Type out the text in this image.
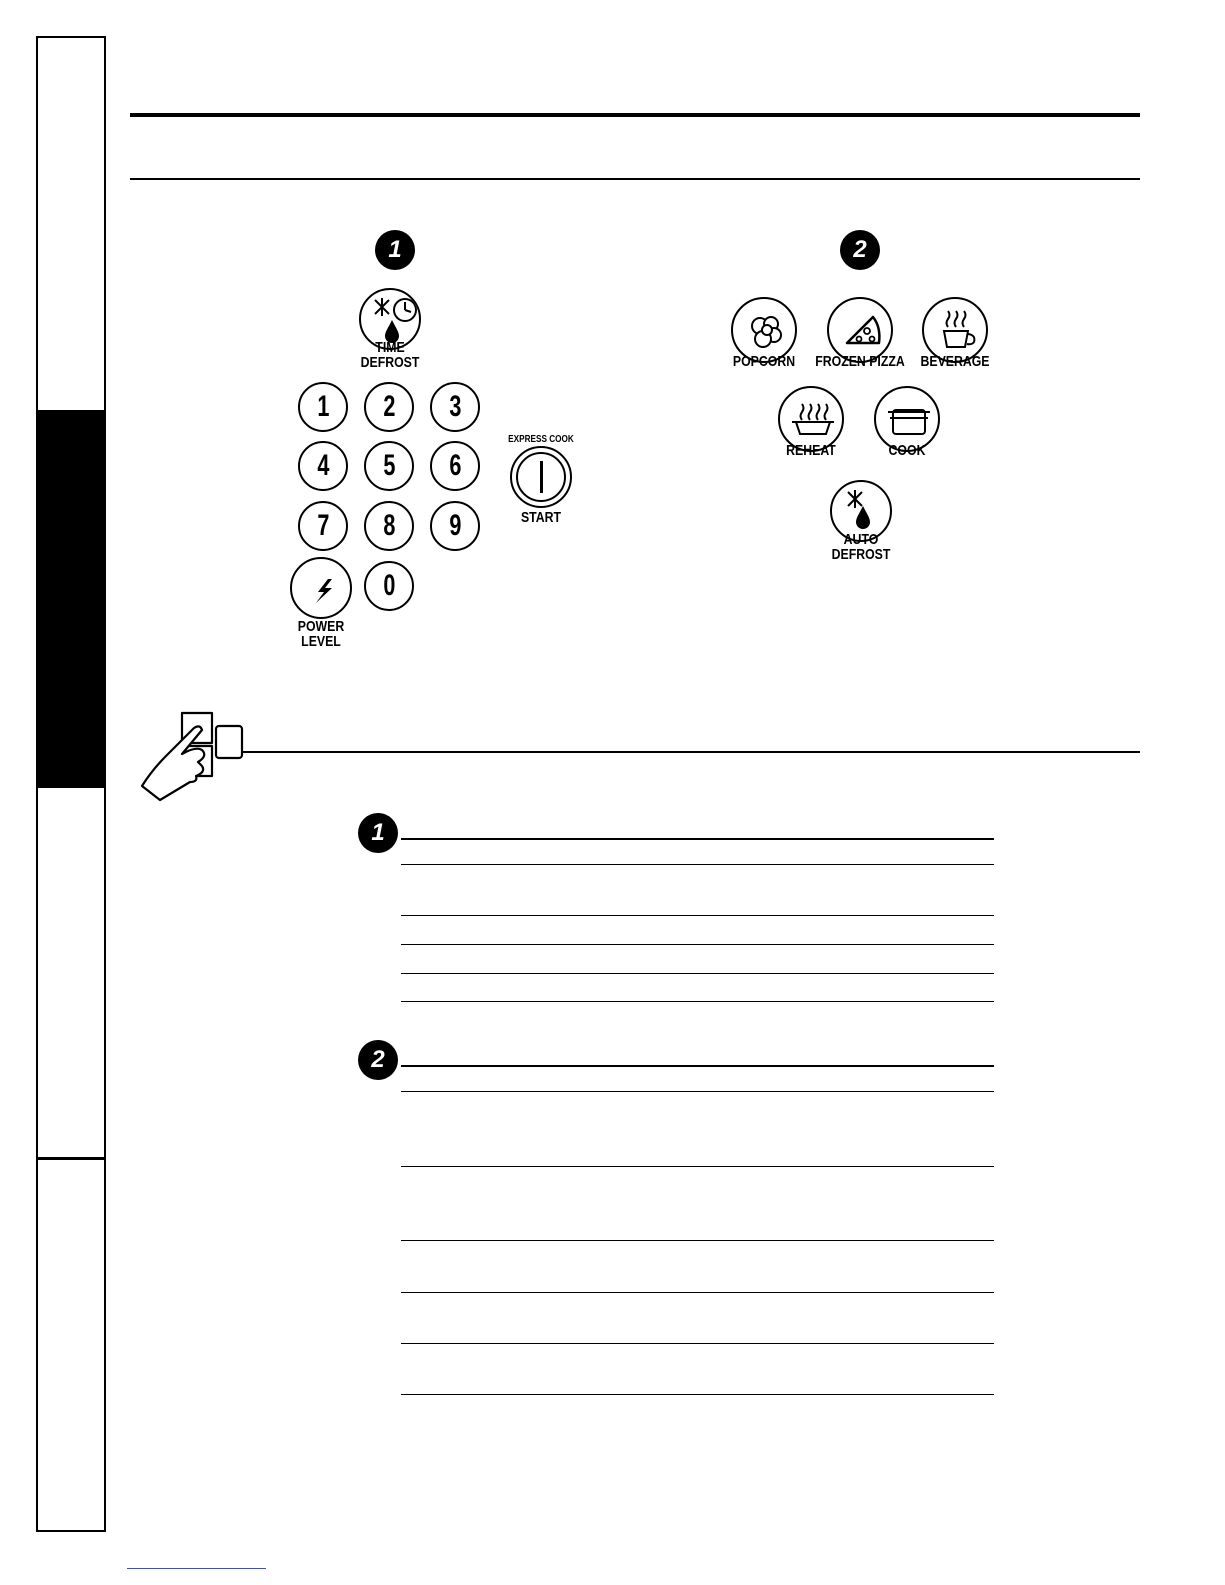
1
TIME
DEFROST
1 2 3
4 5 6
7 8 9
0
POWER
LEVEL
EXPRESS COOK
START
2
POPCORN	FROZEN PIZZA	BEVERAGE
REHEAT	COOK
AUTO
DEFROST
1
2
